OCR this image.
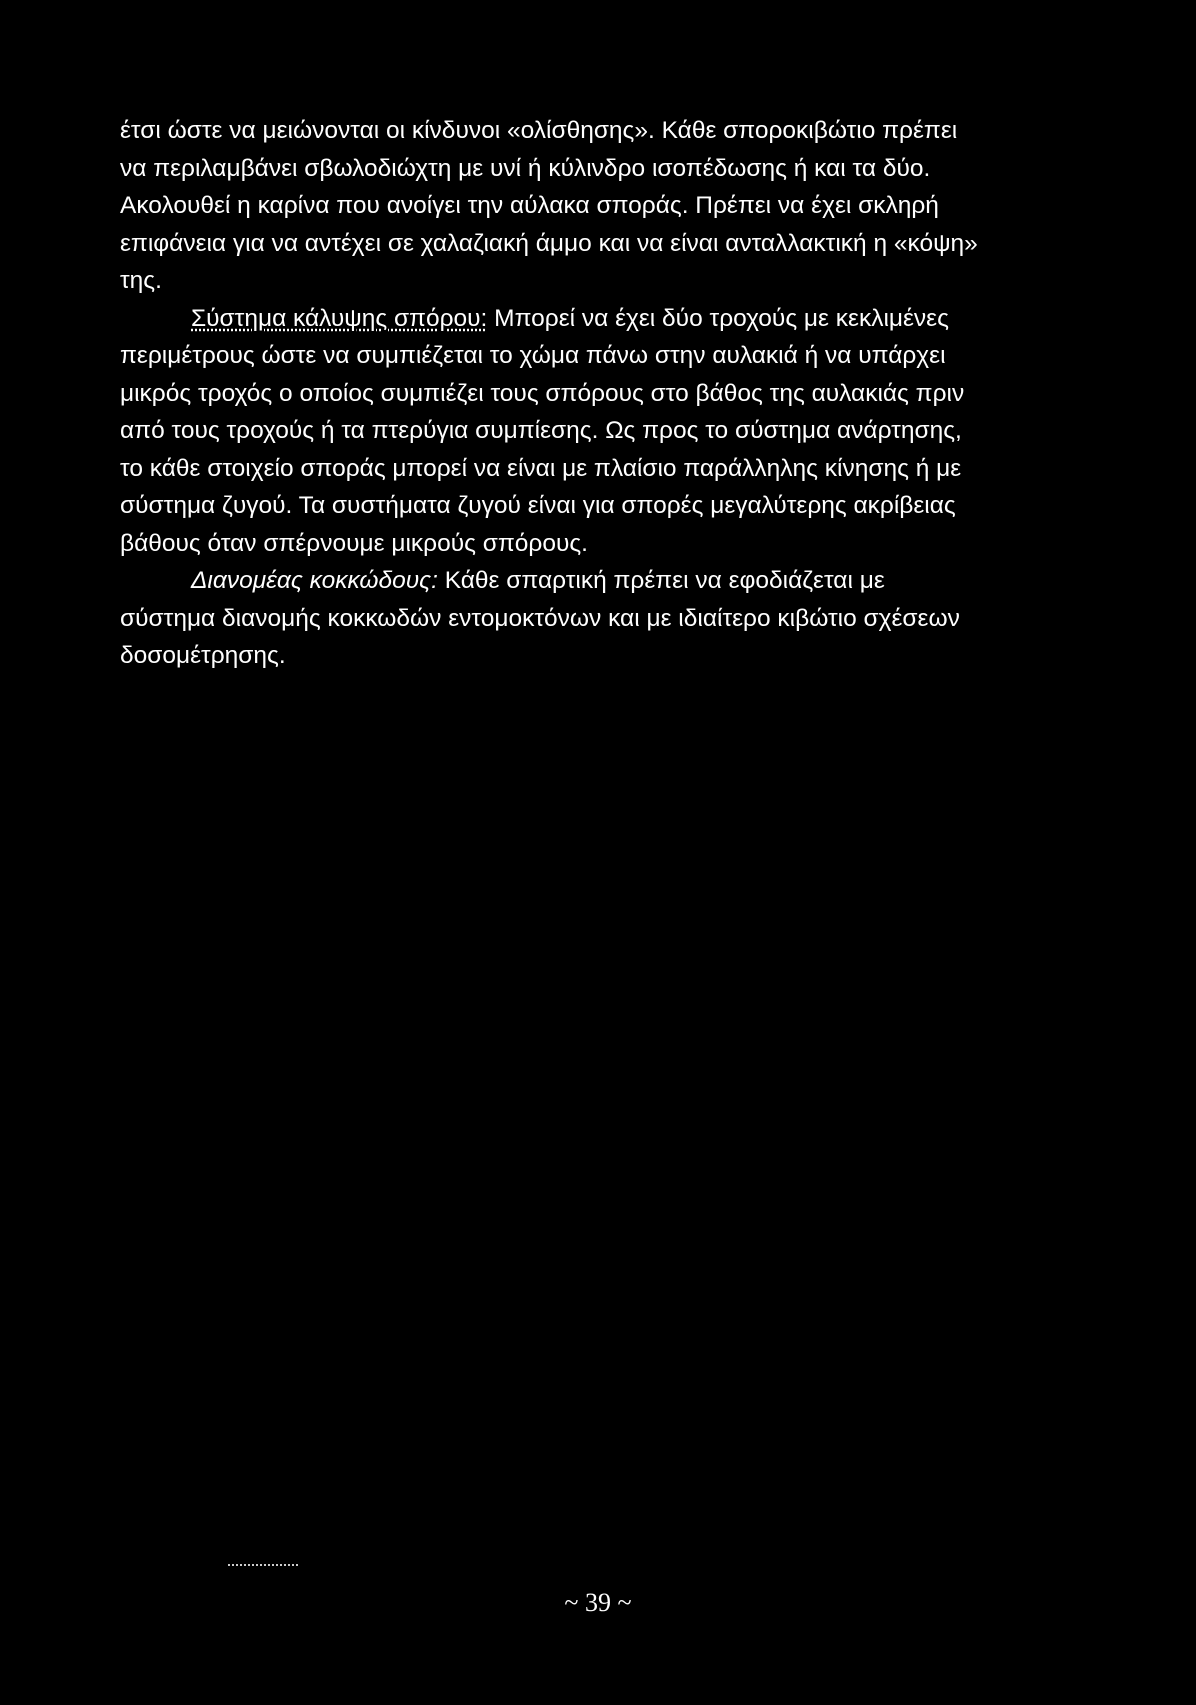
έτσι ώστε να μειώνονται οι κίνδυνοι «ολίσθησης». Κάθε σποροκιβώτιο πρέπει να περιλαμβάνει σβωλοδιώχτη με υνί ή κύλινδρο ισοπέδωσης ή και τα δύο. Ακολουθεί η καρίνα που ανοίγει την αύλακα σποράς. Πρέπει να έχει σκληρή επιφάνεια για να αντέχει σε χαλαζιακή άμμο και να είναι ανταλλακτική η «κόψη» της.

Σύστημα κάλυψης σπόρου: Μπορεί να έχει δύο τροχούς με κεκλιμένες περιμέτρους ώστε να συμπιέζεται το χώμα πάνω στην αυλακιά ή να υπάρχει μικρός τροχός ο οποίος συμπιέζει τους σπόρους στο βάθος της αυλακιάς πριν από τους τροχούς ή τα πτερύγια συμπίεσης. Ως προς το σύστημα ανάρτησης, το κάθε στοιχείο σποράς μπορεί να είναι με πλαίσιο παράλληλης κίνησης ή με σύστημα ζυγού. Τα συστήματα ζυγού είναι για σπορές μεγαλύτερης ακρίβειας βάθους όταν σπέρνουμε μικρούς σπόρους.

Διανομέας κοκκώδους: Κάθε σπαρτική πρέπει να εφοδιάζεται με σύστημα διανομής κοκκωδών εντομοκτόνων και με ιδιαίτερο κιβώτιο σχέσεων δοσομέτρησης.

~ 39 ~
